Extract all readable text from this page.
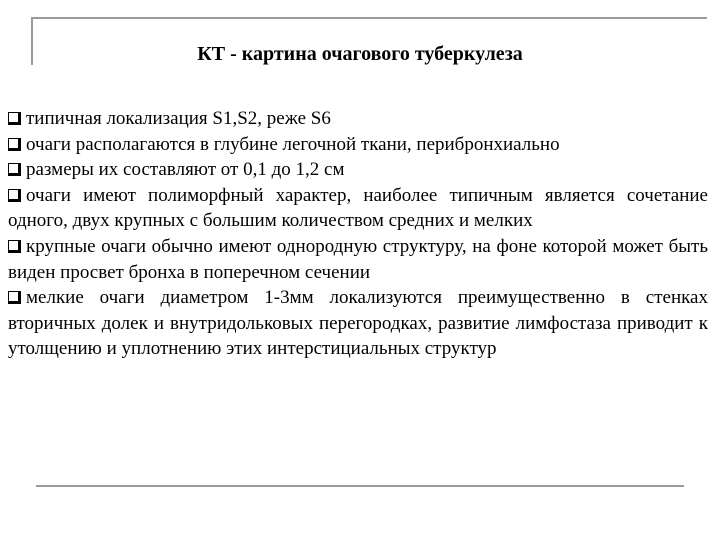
КТ - картина очагового туберкулеза

типичная локализация S1,S2, реже S6

очаги располагаются в глубине легочной ткани, перибронхиально

размеры их составляют от 0,1 до 1,2 см

очаги имеют полиморфный характер, наиболее типичным является сочетание одного, двух крупных с большим количеством средних и мелких

крупные очаги обычно имеют однородную структуру, на фоне которой может быть виден просвет бронха в поперечном сечении

мелкие очаги диаметром 1-3мм локализуются преимущественно в стенках вторичных долек и внутридольковых перегородках, развитие лимфостаза приводит к утолщению и уплотнению этих интерстициальных структур
